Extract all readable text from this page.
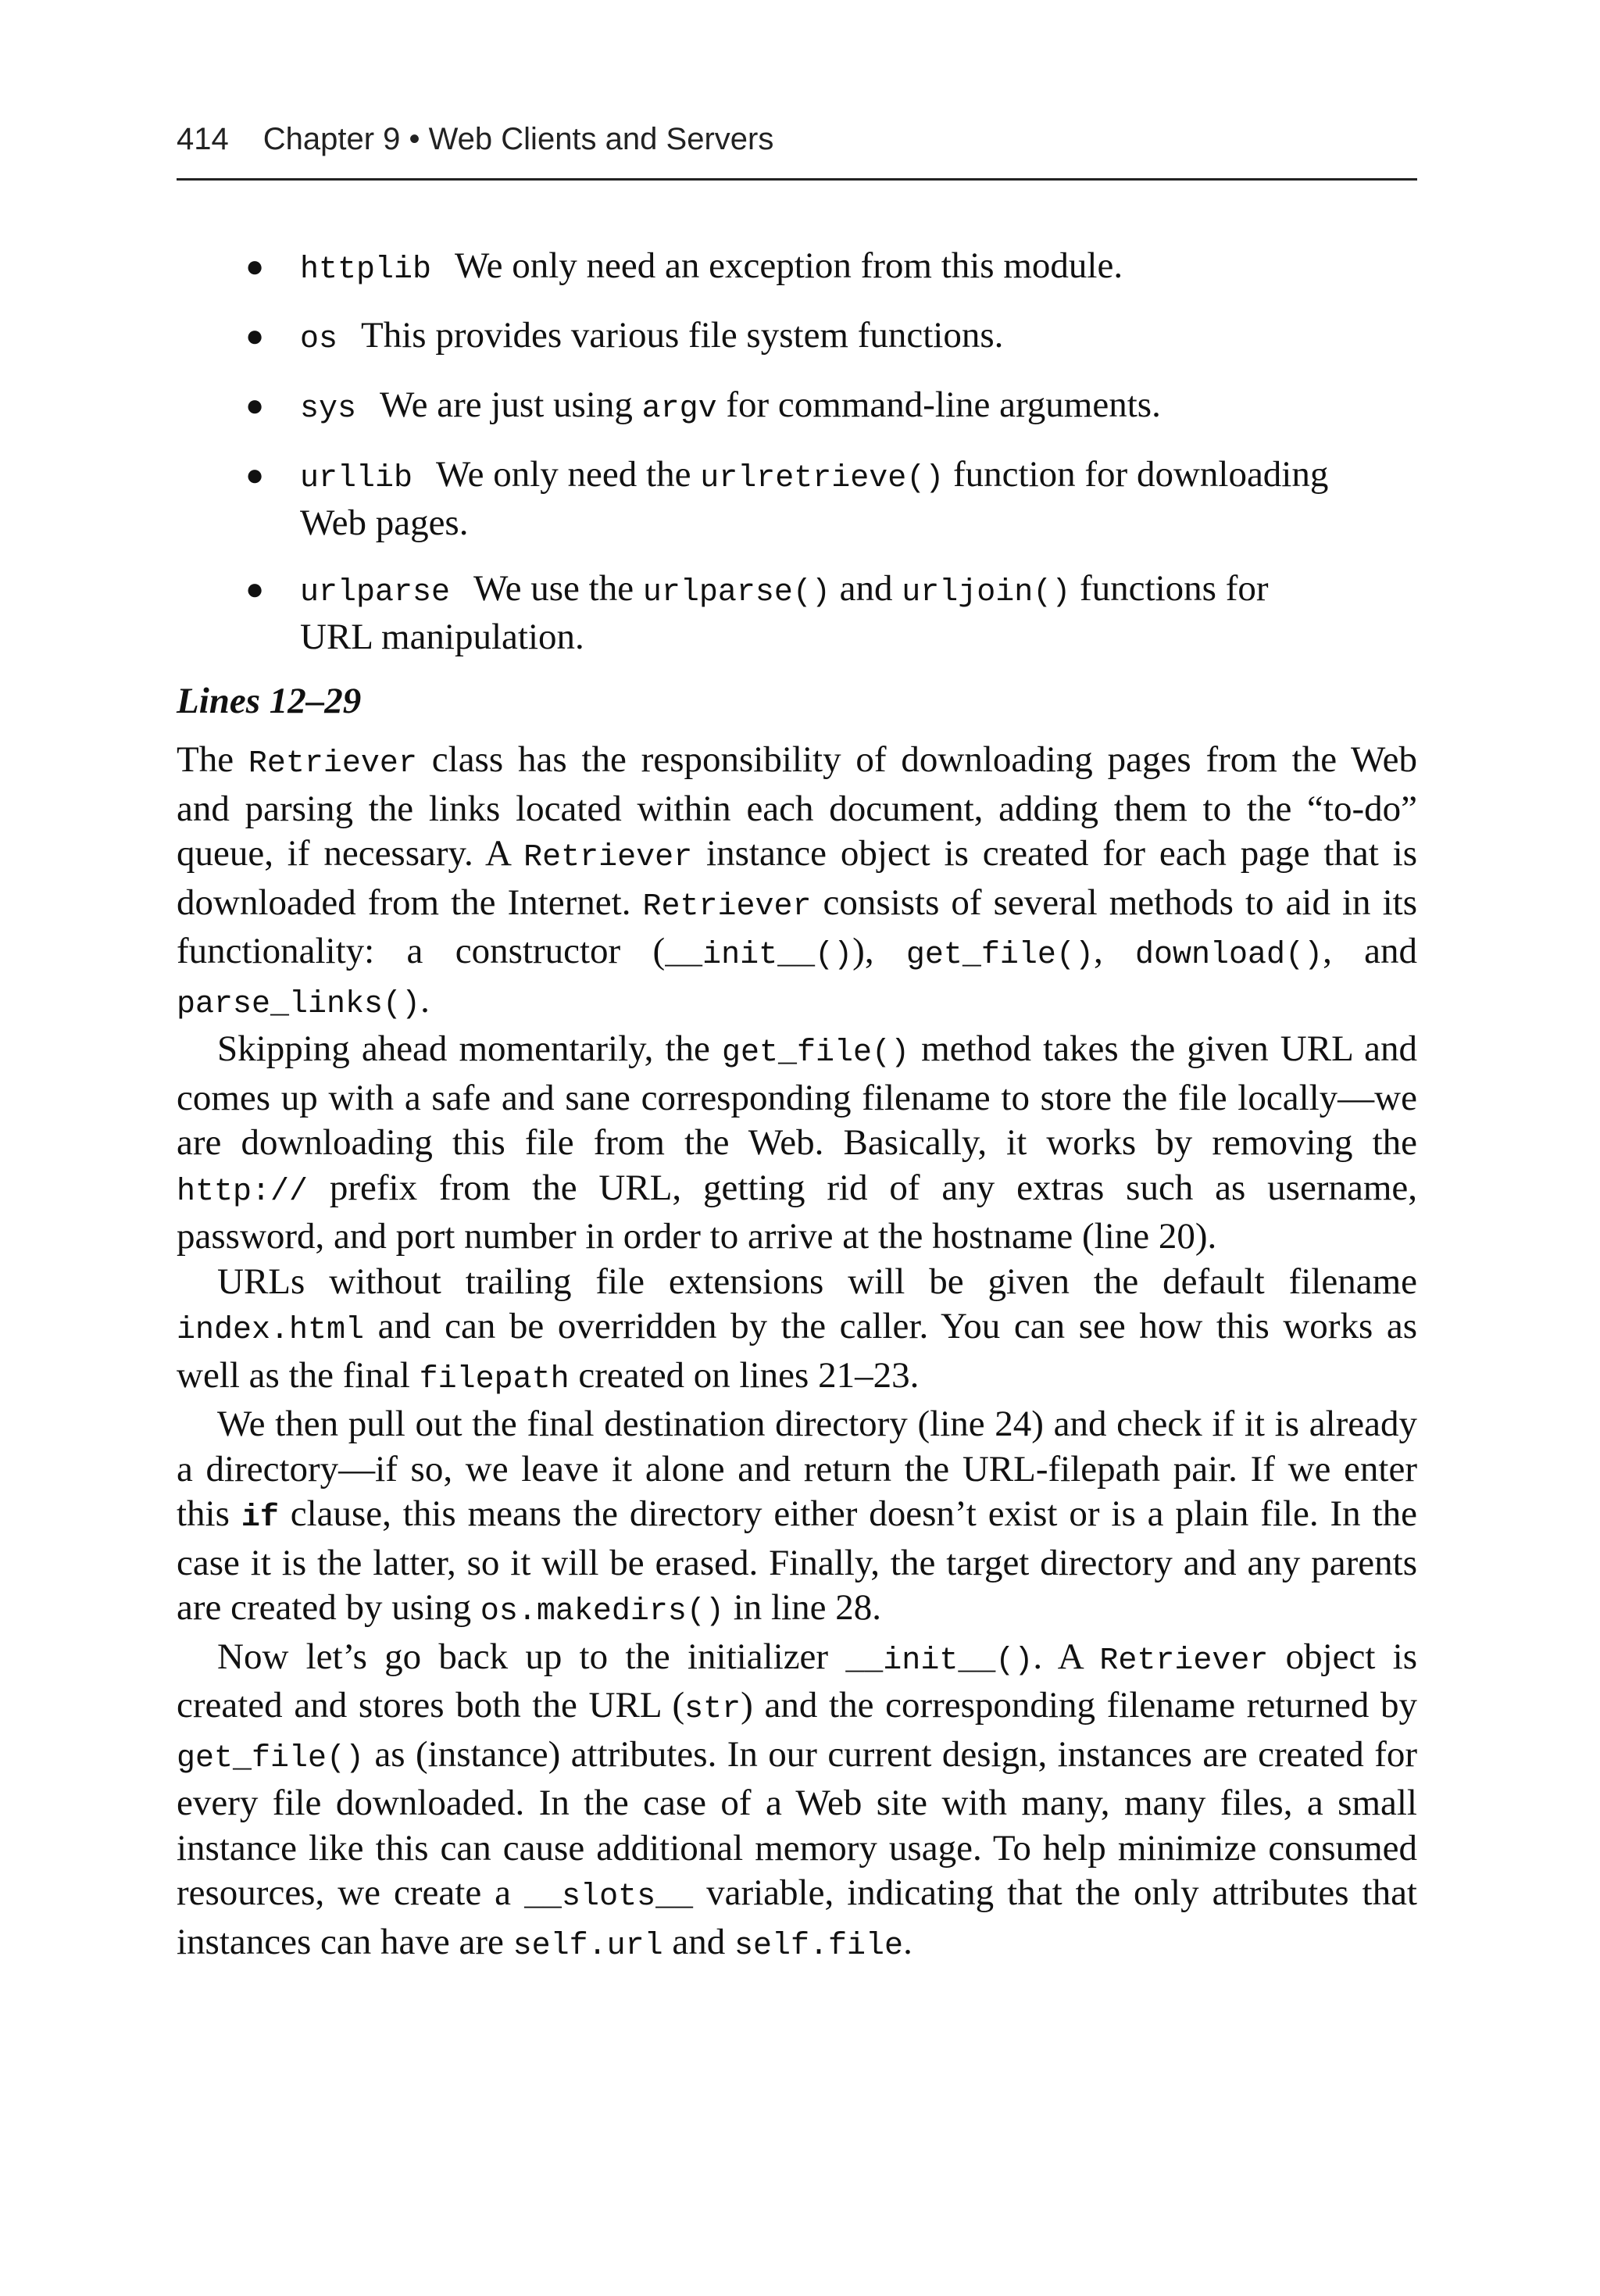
414 Chapter 9 • Web Clients and Servers
● httplib We only need an exception from this module.
● os This provides various file system functions.
● sys We are just using argv for command-line arguments.
● urllib We only need the urlretrieve() function for downloading Web pages.
● urlparse We use the urlparse() and urljoin() functions for URL manipulation.
Lines 12–29

The Retriever class has the responsibility of downloading pages from the Web and parsing the links located within each document, adding them to the “to-do” queue, if necessary. A Retriever instance object is created for each page that is downloaded from the Internet. Retriever consists of several methods to aid in its functionality: a constructor (__init__()), get_file(), download(), and parse_links().

Skipping ahead momentarily, the get_file() method takes the given URL and comes up with a safe and sane corresponding filename to store the file locally—we are downloading this file from the Web. Basically, it works by removing the http:// prefix from the URL, getting rid of any extras such as username, password, and port number in order to arrive at the hostname (line 20).

URLs without trailing file extensions will be given the default filename index.html and can be overridden by the caller. You can see how this works as well as the final filepath created on lines 21–23.

We then pull out the final destination directory (line 24) and check if it is already a directory—if so, we leave it alone and return the URL-filepath pair. If we enter this if clause, this means the directory either doesn’t exist or is a plain file. In the case it is the latter, so it will be erased. Finally, the target directory and any parents are created by using os.makedirs() in line 28.

Now let’s go back up to the initializer __init__(). A Retriever object is created and stores both the URL (str) and the corresponding filename returned by get_file() as (instance) attributes. In our current design, instances are created for every file downloaded. In the case of a Web site with many, many files, a small instance like this can cause additional memory usage. To help minimize consumed resources, we create a __slots__ variable, indicating that the only attributes that instances can have are self.url and self.file.
